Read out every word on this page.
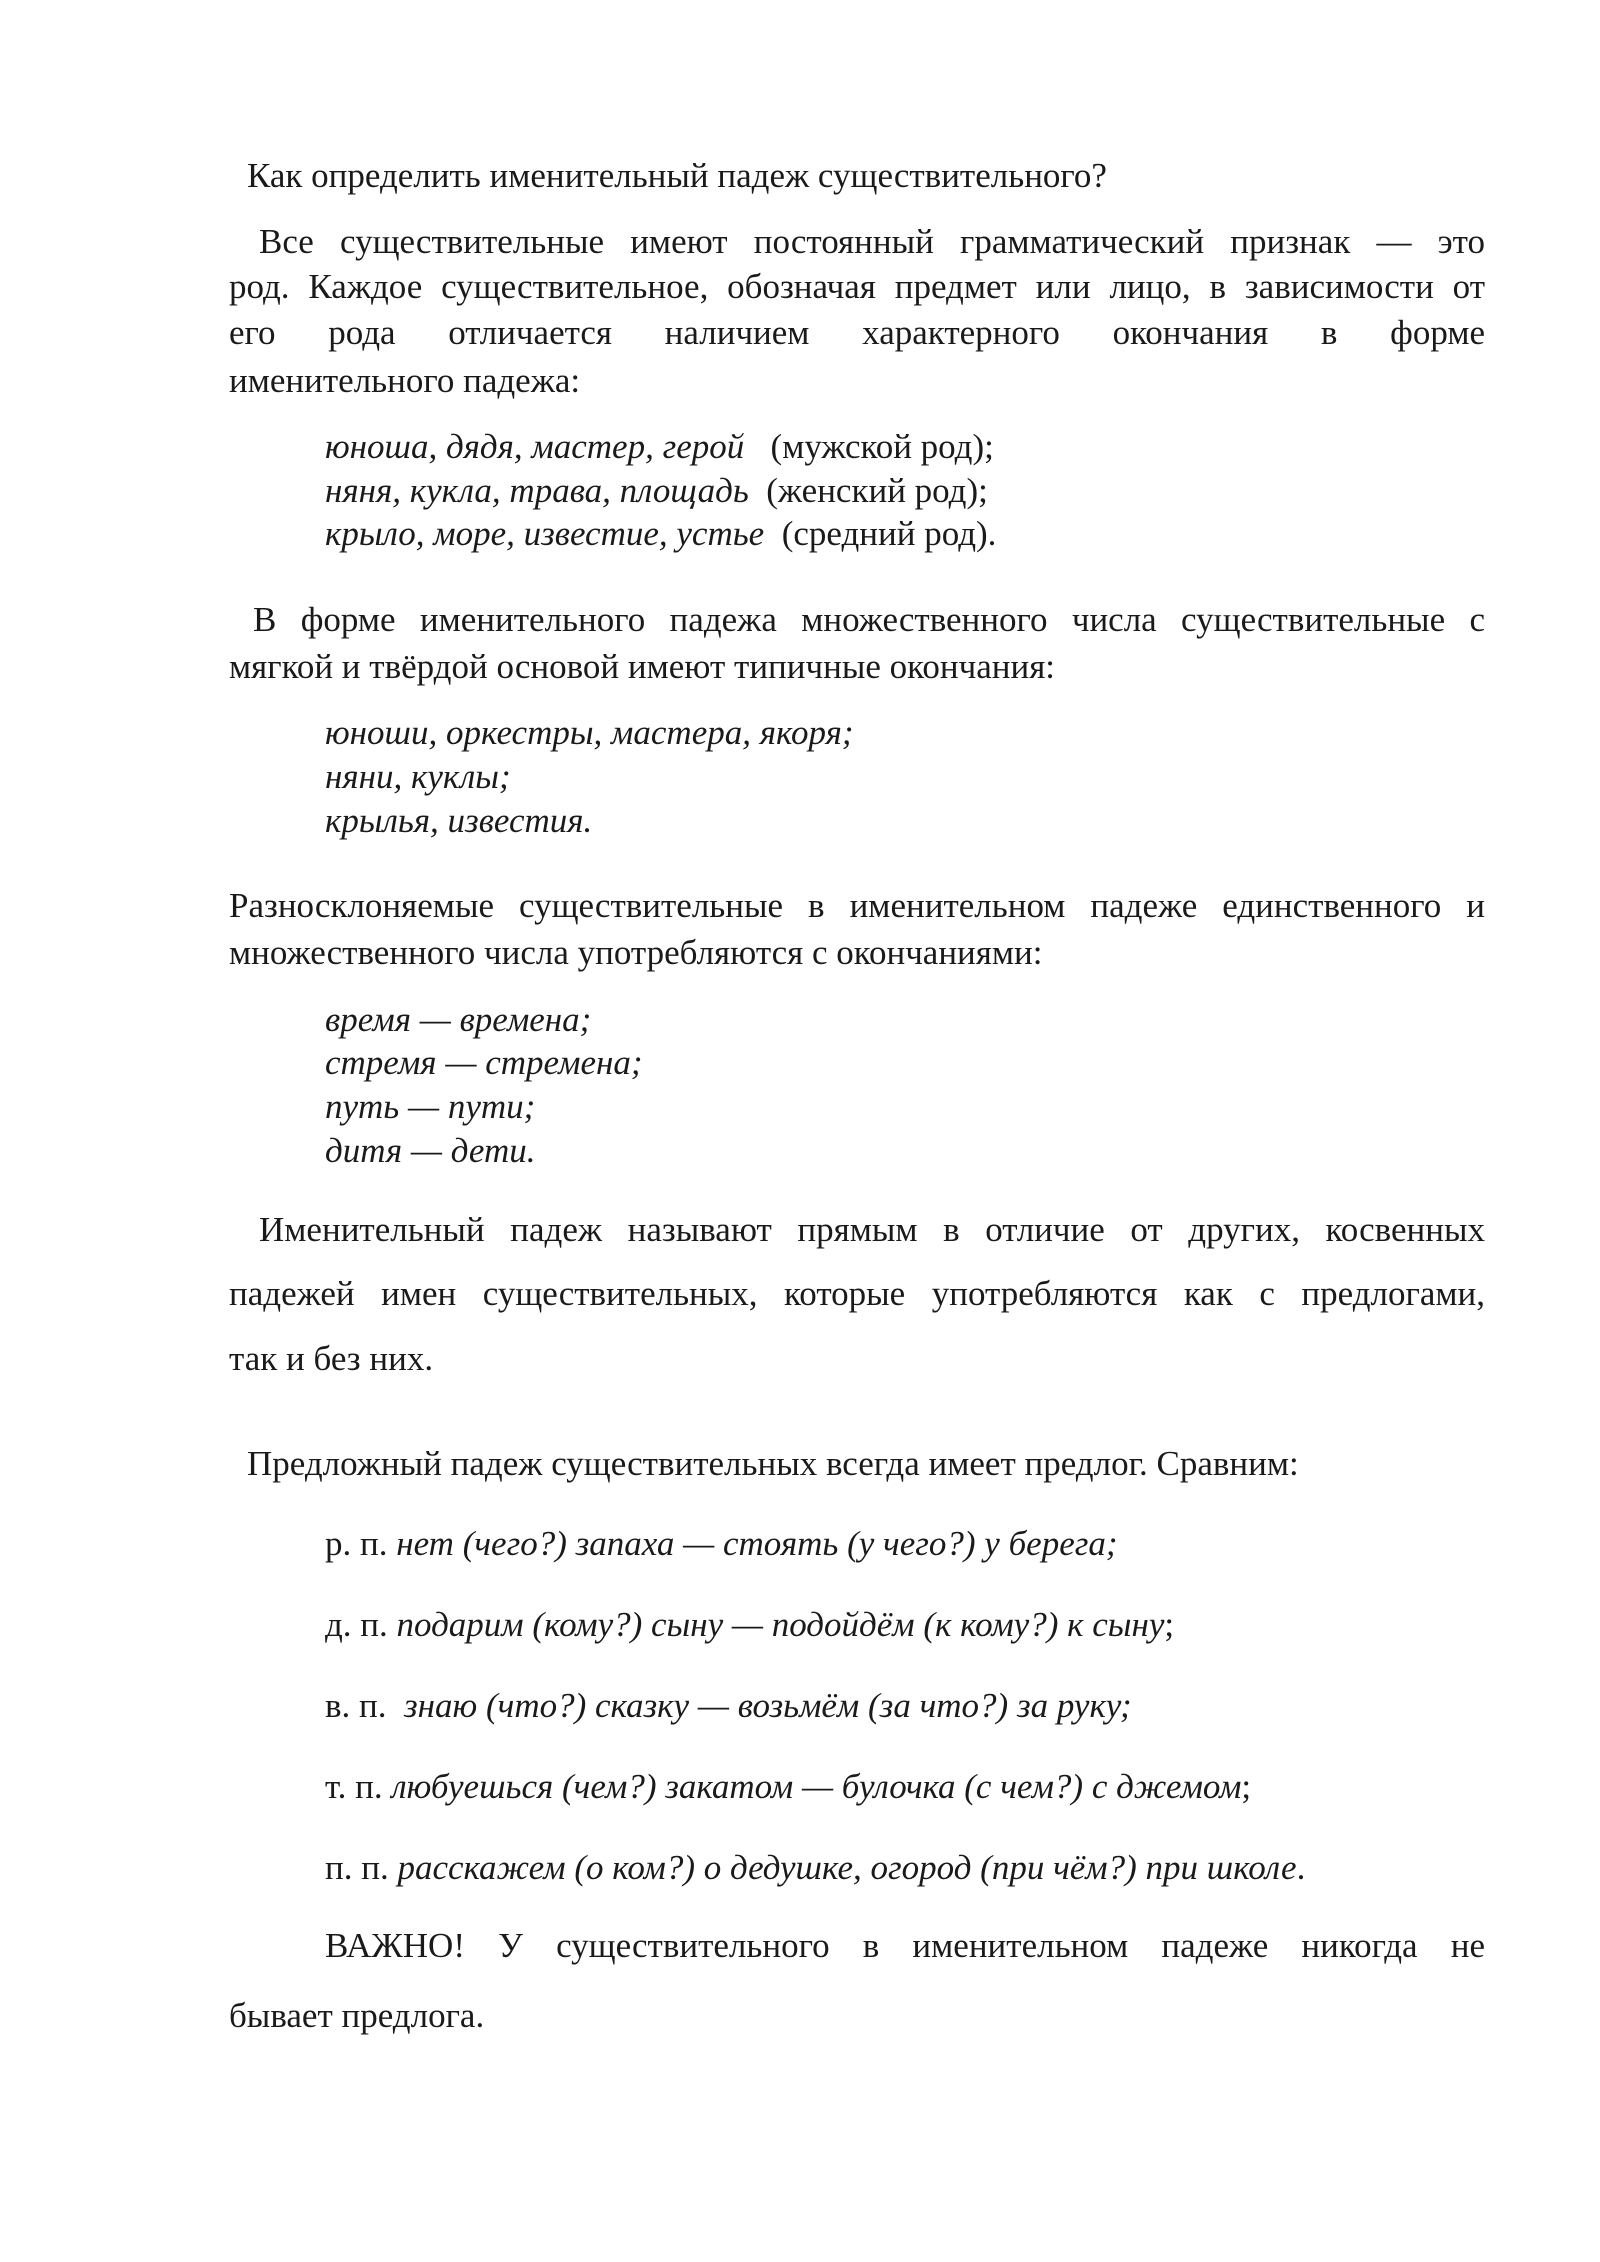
Как определить именительный падеж существительного?

Все существительные имеют постоянный грамматический признак — это

род. Каждое существительное, обозначая предмет или лицо, в зависимости от

его рода отличается наличием характерного окончания в форме

именительного падежа:

юноша, дядя, мастер, герой (мужской род);

няня, кукла, трава, площадь (женский род);

крыло, море, известие, устье (средний род).

В форме именительного падежа множественного числа существительные с

мягкой и твёрдой основой имеют типичные окончания:

юноши, оркестры, мастера, якоря;

няни, куклы;

крылья, известия.

Разносклоняемые существительные в именительном падеже единственного и

множественного числа употребляются с окончаниями:

время — времена;

стремя — стремена;

путь — пути;

дитя — дети.

Именительный падеж называют прямым в отличие от других, косвенных

падежей имен существительных, которые употребляются как с предлогами,

так и без них.

Предложный падеж существительных всегда имеет предлог. Сравним:

р. п. нет (чего?) запаха — стоять (у чего?) у берега;

д. п. подарим (кому?) сыну — подойдём (к кому?) к сыну;

в. п. знаю (что?) сказку — возьмём (за что?) за руку;

т. п. любуешься (чем?) закатом — булочка (с чем?) с джемом;

п. п. расскажем (о ком?) о дедушке, огород (при чём?) при школе.

ВАЖНО! У существительного в именительном падеже никогда не

бывает предлога.
